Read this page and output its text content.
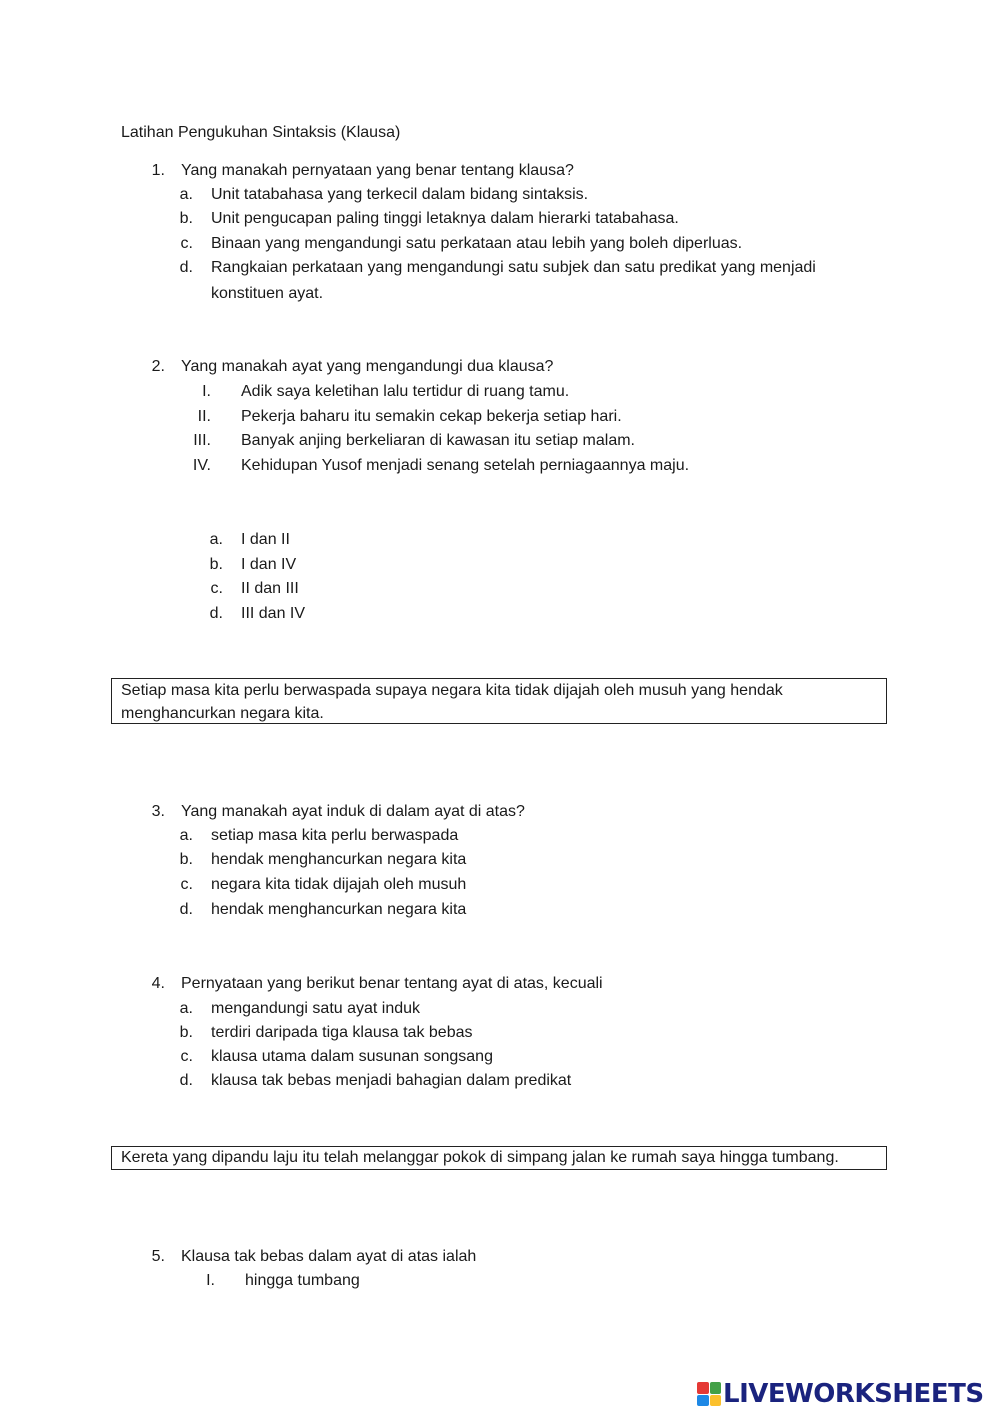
Latihan Pengukuhan Sintaksis (Klausa)
1. Yang manakah pernyataan yang benar tentang klausa?
a. Unit tatabahasa yang terkecil dalam bidang sintaksis.
b. Unit pengucapan paling tinggi letaknya dalam hierarki tatabahasa.
c. Binaan yang mengandungi satu perkataan atau lebih yang boleh diperluas.
d. Rangkaian perkataan yang mengandungi satu subjek dan satu predikat yang menjadi
konstituen ayat.
2. Yang manakah ayat yang mengandungi dua klausa?
I. Adik saya keletihan lalu tertidur di ruang tamu.
II. Pekerja baharu itu semakin cekap bekerja setiap hari.
III. Banyak anjing berkeliaran di kawasan itu setiap malam.
IV. Kehidupan Yusof menjadi senang setelah perniagaannya maju.
a. I dan II
b. I dan IV
c. II dan III
d. III dan IV
Setiap masa kita perlu berwaspada supaya negara kita tidak dijajah oleh musuh yang hendak
menghancurkan negara kita.
3. Yang manakah ayat induk di dalam ayat di atas?
a. setiap masa kita perlu berwaspada
b. hendak menghancurkan negara kita
c. negara kita tidak dijajah oleh musuh
d. hendak menghancurkan negara kita
4. Pernyataan yang berikut benar tentang ayat di atas, kecuali
a. mengandungi satu ayat induk
b. terdiri daripada tiga klausa tak bebas
c. klausa utama dalam susunan songsang
d. klausa tak bebas menjadi bahagian dalam predikat
Kereta yang dipandu laju itu telah melanggar pokok di simpang jalan ke rumah saya hingga tumbang.
5. Klausa tak bebas dalam ayat di atas ialah
I. hingga tumbang
LIVEWORKSHEETS
